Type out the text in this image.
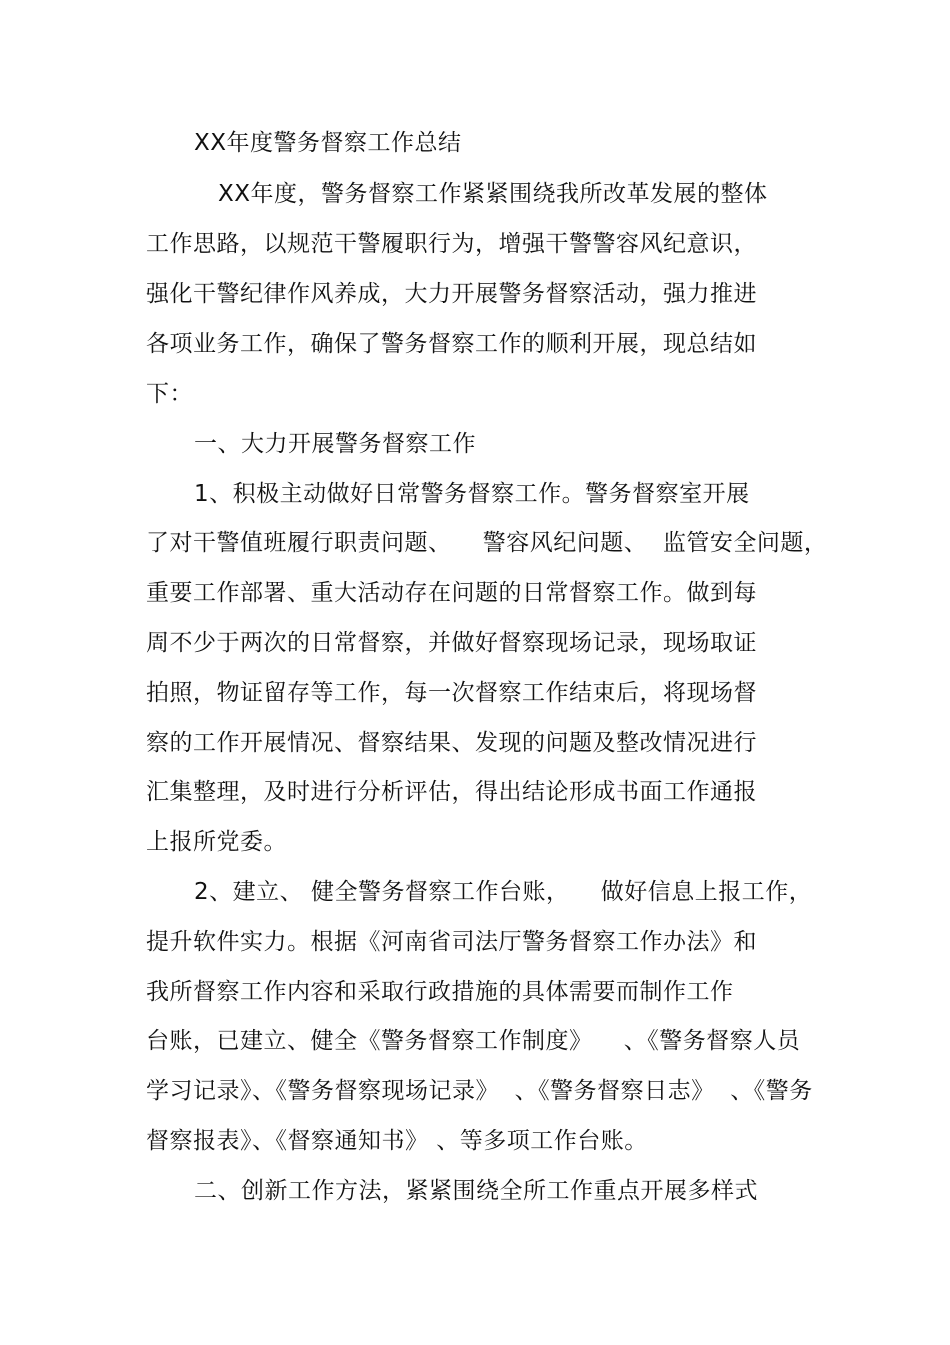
XX年度警务督察工作总结
XX年度，警务督察工作紧紧围绕我所改革发展的整体
工作思路，以规范干警履职行为，增强干警警容风纪意识，
强化干警纪律作风养成，大力开展警务督察活动，强力推进
各项业务工作，确保了警务督察工作的顺利开展，现总结如
下：
一、大力开展警务督察工作
1、积极主动做好日常警务督察工作。警务督察室开展
了对干警值班履行职责问题、    警容风纪问题、  监管安全问题，
重要工作部署、重大活动存在问题的日常督察工作。做到每
周不少于两次的日常督察，并做好督察现场记录，现场取证
拍照，物证留存等工作，每一次督察工作结束后，将现场督
察的工作开展情况、督察结果、发现的问题及整改情况进行
汇集整理，及时进行分析评估，得出结论形成书面工作通报
上报所党委。
2、建立、 健全警务督察工作台账，    做好信息上报工作，
提升软件实力。根据《河南省司法厅警务督察工作办法》和
我所督察工作内容和采取行政措施的具体需要而制作工作
台账，已建立、健全《警务督察工作制度》    、《警务督察人员
学习记录》、《警务督察现场记录》  、《警务督察日志》  、《警务
督察报表》、《督察通知书》 、等多项工作台账。
二、创新工作方法，紧紧围绕全所工作重点开展多样式
